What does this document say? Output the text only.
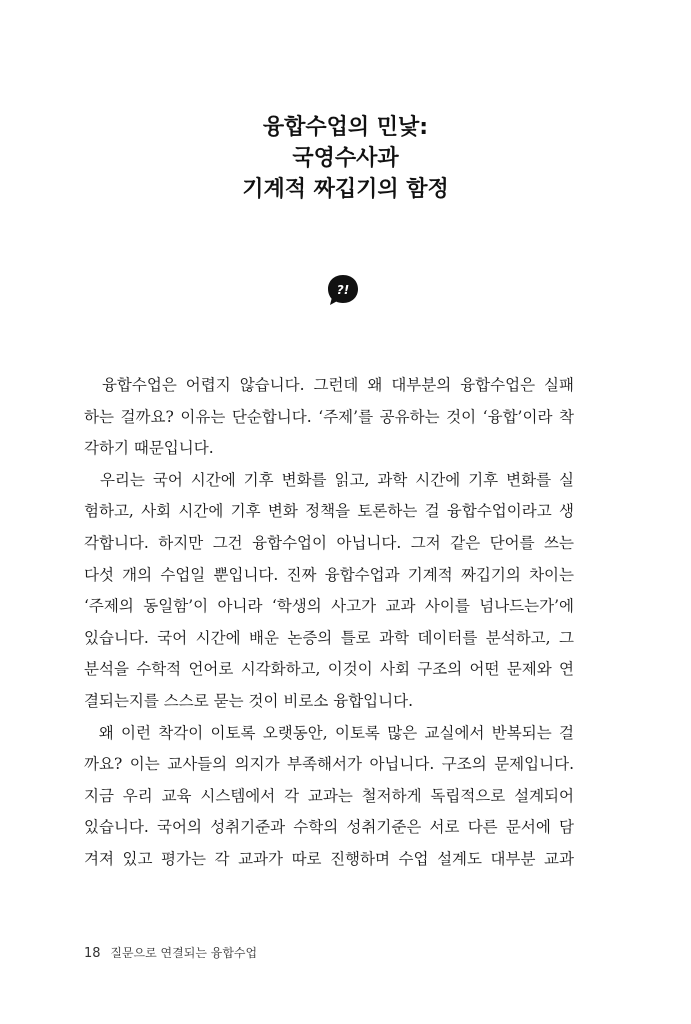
융합수업의 민낯:
국영수사과
기계적 짜깁기의 함정
?!
융합수업은 어렵지 않습니다. 그런데 왜 대부분의 융합수업은 실패
하는 걸까요? 이유는 단순합니다. ‘주제’를 공유하는 것이 ‘융합’이라 착
각하기 때문입니다.
우리는 국어 시간에 기후 변화를 읽고, 과학 시간에 기후 변화를 실
험하고, 사회 시간에 기후 변화 정책을 토론하는 걸 융합수업이라고 생
각합니다. 하지만 그건 융합수업이 아닙니다. 그저 같은 단어를 쓰는
다섯 개의 수업일 뿐입니다. 진짜 융합수업과 기계적 짜깁기의 차이는
‘주제의 동일함’이 아니라 ‘학생의 사고가 교과 사이를 넘나드는가’에
있습니다. 국어 시간에 배운 논증의 틀로 과학 데이터를 분석하고, 그
분석을 수학적 언어로 시각화하고, 이것이 사회 구조의 어떤 문제와 연
결되는지를 스스로 묻는 것이 비로소 융합입니다.
왜 이런 착각이 이토록 오랫동안, 이토록 많은 교실에서 반복되는 걸
까요? 이는 교사들의 의지가 부족해서가 아닙니다. 구조의 문제입니다.
지금 우리 교육 시스템에서 각 교과는 철저하게 독립적으로 설계되어
있습니다. 국어의 성취기준과 수학의 성취기준은 서로 다른 문서에 담
겨져 있고 평가는 각 교과가 따로 진행하며 수업 설계도 대부분 교과
18 질문으로 연결되는 융합수업
